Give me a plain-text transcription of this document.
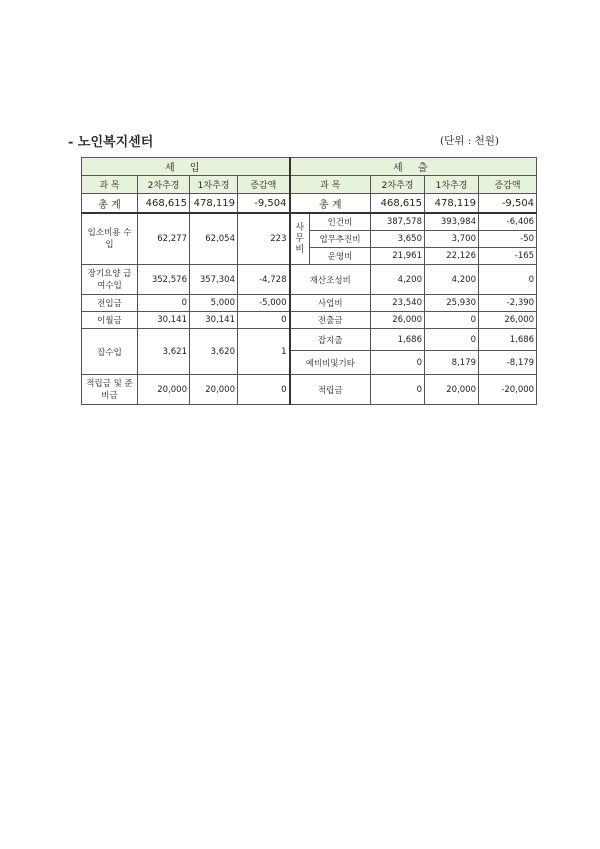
- 노인복지센터	(단위 : 천원)
세 입				세 출				
과 목	2차추경	1차추경	증감액	과 목		2차추경	1차추경	증감액
총 계	468,615	478,119	-9,504	총 계		468,615	478,119	-9,504
입소비용 수입	62,277	62,054	223	사 무 비	인건비	387,578	393,984	-6,406
					업무추진비	3,650	3,700	-50
					운영비	21,961	22,126	-165
장기요양 급여수입	352,576	357,304	-4,728	재산조성비		4,200	4,200	0
전입금	0	5,000	-5,000	사업비		23,540	25,930	-2,390
이월금	30,141	30,141	0	전출금		26,000	0	26,000
잡수입	3,621	3,620	1	잡지출		1,686	0	1,686
				예비비및기타		0	8,179	-8,179
적립금 및 준비금	20,000	20,000	0	적립금		0	20,000	-20,000
